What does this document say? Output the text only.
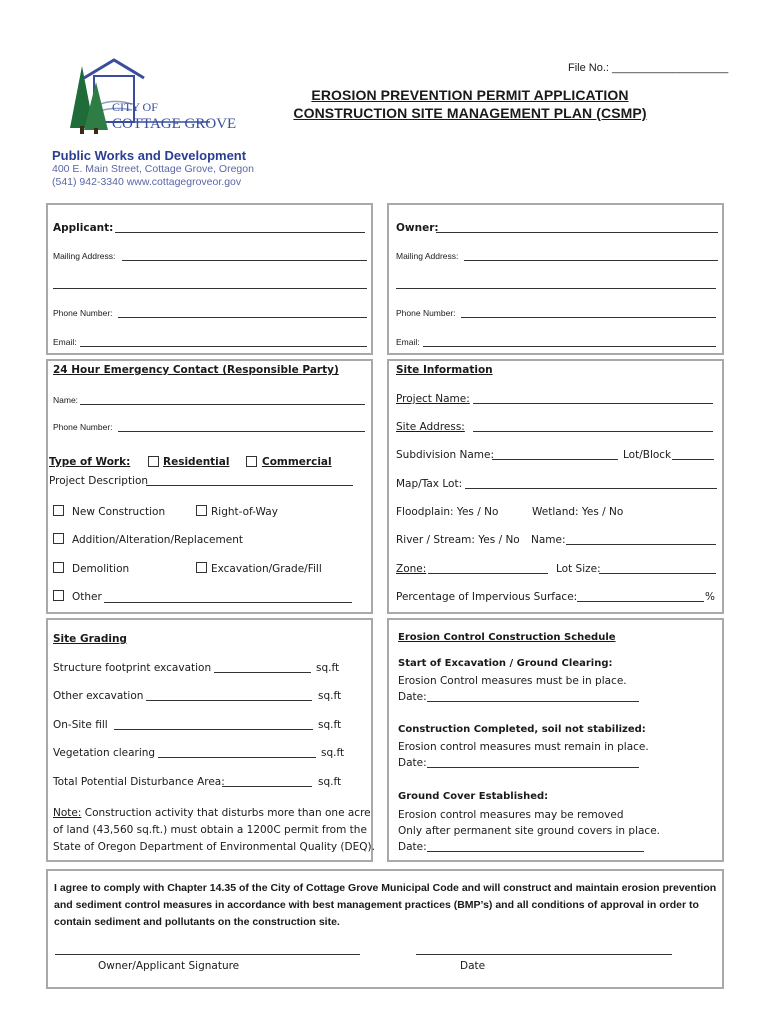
File No.: ___________________
CITY OF
COTTAGE GROVE
EROSION PREVENTION PERMIT APPLICATION
CONSTRUCTION SITE MANAGEMENT PLAN (CSMP)
Public Works and Development
400 E. Main Street, Cottage Grove, Oregon
(541) 942-3340 www.cottagegroveor.gov
Applicant:
Mailing Address:
Phone Number:
Email:
Owner:
Mailing Address:
Phone Number:
Email:
24 Hour Emergency Contact (Responsible Party)
Name:
Phone Number:
Type of Work:	Residential	Commercial
Project Description
New Construction	Right-of-Way
Addition/Alteration/Replacement
Demolition	Excavation/Grade/Fill
Other
Site Information
Project Name:
Site Address:
Subdivision Name:	Lot/Block
Map/Tax Lot:
Floodplain: Yes / No	Wetland: Yes / No
River / Stream: Yes / No Name:
Zone:	Lot Size:
Percentage of Impervious Surface:	%
Site Grading
Structure footprint excavation	sq.ft
Other excavation	sq.ft
On-Site fill	sq.ft
Vegetation clearing	sq.ft
Total Potential Disturbance Area:	sq.ft
Note: Construction activity that disturbs more than one acre
of land (43,560 sq.ft.) must obtain a 1200C permit from the
State of Oregon Department of Environmental Quality (DEQ).
Erosion Control Construction Schedule
Start of Excavation / Ground Clearing:
Erosion Control measures must be in place.
Date:
Construction Completed, soil not stabilized:
Erosion control measures must remain in place.
Date:
Ground Cover Established:
Erosion control measures may be removed
Only after permanent site ground covers in place.
Date:
I agree to comply with Chapter 14.35 of the City of Cottage Grove Municipal Code and will construct and maintain erosion prevention and sediment control measures in accordance with best management practices (BMP’s) and all conditions of approval in order to contain sediment and pollutants on the construction site.
Owner/Applicant Signature	Date
